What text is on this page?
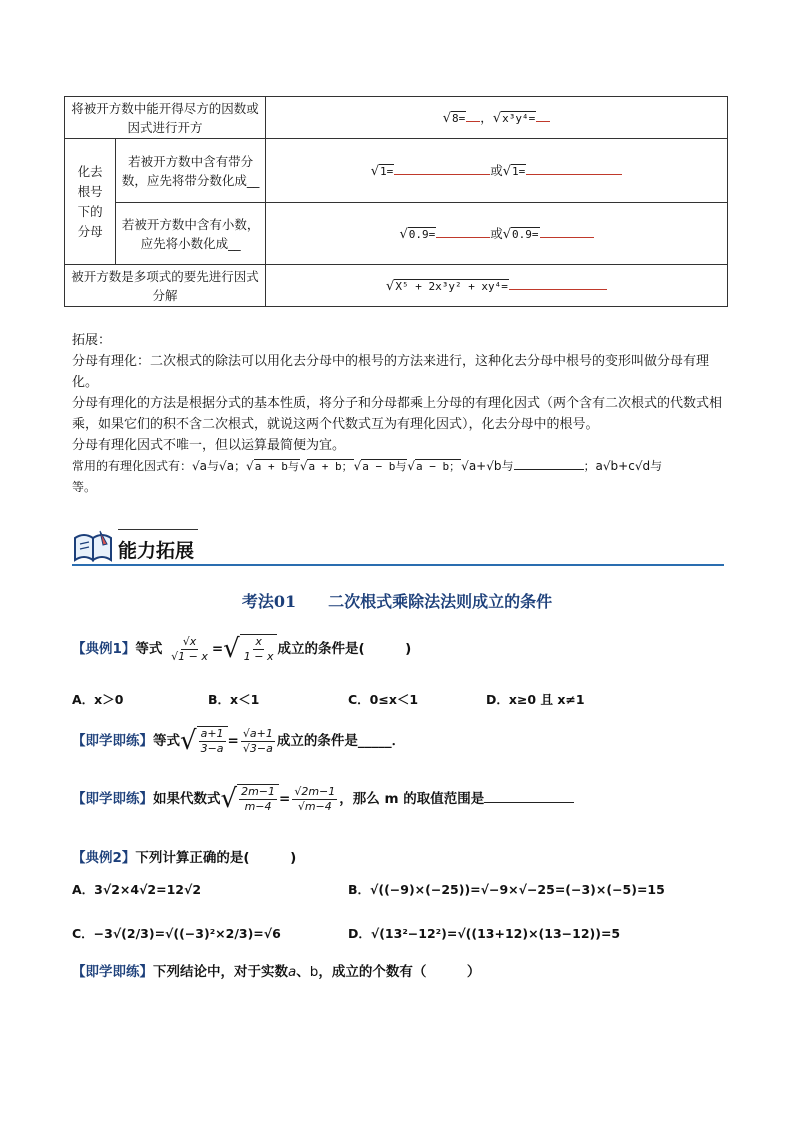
将被开方数中能开得尽方的因数或因式进行开方		√8= ，√x³y⁴=

化去根号下的分母	若被开方数中含有带分数，应先将带分数化成__	√1= 或√1=
	若被开方数中含有小数，应先将小数化成__	√0.9= 或√0.9=
被开方数是多项式的要先进行因式分解		√X⁵ + 2x³y² + xy⁴=
拓展：
分母有理化：二次根式的除法可以用化去分母中的根号的方法来进行，这种化去分母中根号的变形叫做分母有理化。
分母有理化的方法是根据分式的基本性质，将分子和分母都乘上分母的有理化因式（两个含有二次根式的代数式相乘，如果它们的积不含二次根式，就说这两个代数式互为有理化因式），化去分母中的根号。
分母有理化因式不唯一，但以运算最简便为宜。
常用的有理化因式有：√a与√a；√a + b与√a + b；√a − b与√a − b；√a+√b与	；a√b+c√d与
等。
能力拓展
考法01　　二次根式乘除法法则成立的条件
【典例1】等式 $\frac{√x}{√1 - x}$ = √ $\frac{x}{1 - x}$ 成立的条件是(　　　)
A．x＞0	B．x＜1	C．0≤x＜1	D．x≥0 且 x≠1
【即学即练】等式 √ $\frac{a+1}{3-a} = \frac{√a+1}{√3-a}$ 成立的条件是_____．
【即学即练】如果代数式 √ $\frac{2m-1}{m-4} = \frac{√2m-1}{√m-4}$ ，那么 m 的取值范围是
【典例2】下列计算正确的是(　　　)
A．3√2×4√2=12√2	B．√((−9)×(−25))=√−9×√−25=(−3)×(−5)=15
C．−3√(2/3)=√((−3)²×2/3)=√6	D．√(13²−12²)=√((13+12)×(13−12))=5
【即学即练】下列结论中，对于实数a、b，成立的个数有（　　　）
